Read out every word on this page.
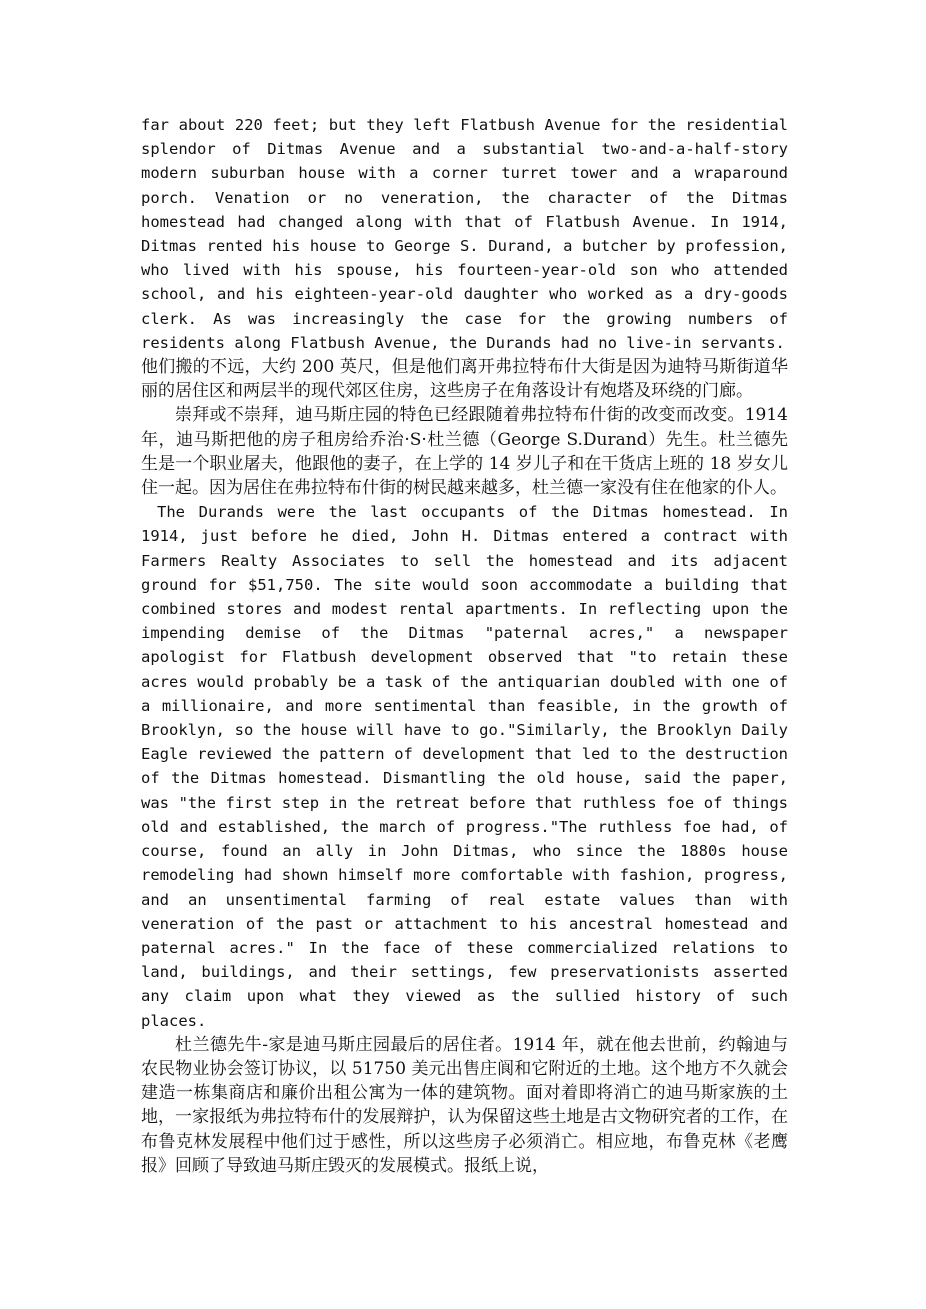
far about 220 feet; but they left Flatbush Avenue for the residential splendor of Ditmas Avenue and a substantial two-and-a-half-story modern suburban house with a corner turret tower and a wraparound porch. Venation or no veneration, the character of the Ditmas homestead had changed along with that of Flatbush Avenue. In 1914, Ditmas rented his house to George S. Durand, a butcher by profession, who lived with his spouse, his fourteen-year-old son who attended school, and his eighteen-year-old daughter who worked as a dry-goods clerk. As was increasingly the case for the growing numbers of residents along Flatbush Avenue, the Durands had no live-in servants.

他们搬的不远，大约 200 英尺，但是他们离开弗拉特布什大街是因为迪特马斯街道华丽的居住区和两层半的现代郊区住房，这些房子在角落设计有炮塔及环绕的门廊。

崇拜或不崇拜，迪马斯庄园的特色已经跟随着弗拉特布什街的改变而改变。1914 年，迪马斯把他的房子租房给乔治·S·杜兰德（George S.Durand）先生。杜兰德先生是一个职业屠夫，他跟他的妻子，在上学的 14 岁儿子和在干货店上班的 18 岁女儿住一起。因为居住在弗拉特布什街的树民越来越多，杜兰德一家没有住在他家的仆人。

The Durands were the last occupants of the Ditmas homestead. In 1914, just before he died, John H. Ditmas entered a contract with Farmers Realty Associates to sell the homestead and its adjacent ground for $51,750. The site would soon accommodate a building that combined stores and modest rental apartments. In reflecting upon the impending demise of the Ditmas "paternal acres," a newspaper apologist for Flatbush development observed that "to retain these acres would probably be a task of the antiquarian doubled with one of a millionaire, and more sentimental than feasible, in the growth of Brooklyn, so the house will have to go."Similarly, the Brooklyn Daily Eagle reviewed the pattern of development that led to the destruction of the Ditmas homestead. Dismantling the old house, said the paper, was "the first step in the retreat before that ruthless foe of things old and established, the march of progress."The ruthless foe had, of course, found an ally in John Ditmas, who since the 1880s house remodeling had shown himself more comfortable with fashion, progress, and an unsentimental farming of real estate values than with veneration of the past or attachment to his ancestral homestead and paternal acres." In the face of these commercialized relations to land, buildings, and their settings, few preservationists asserted any claim upon what they viewed as the sullied history of such places.

杜兰德先牛-家是迪马斯庄园最后的居住者。1914 年，就在他去世前，约翰迪与农民物业协会签订协议，以 51750 美元出售庄阆和它附近的土地。这个地方不久就会建造一栋集商店和廉价出租公寓为一体的建筑物。面对着即将消亡的迪马斯家族的土地，一家报纸为弗拉特布什的发展辩护，认为保留这些土地是古文物研究者的工作，在布鲁克林发展程中他们过于感性，所以这些房子必须消亡。相应地，布鲁克林《老鹰报》回顾了导致迪马斯庄毁灭的发展模式。报纸上说，
